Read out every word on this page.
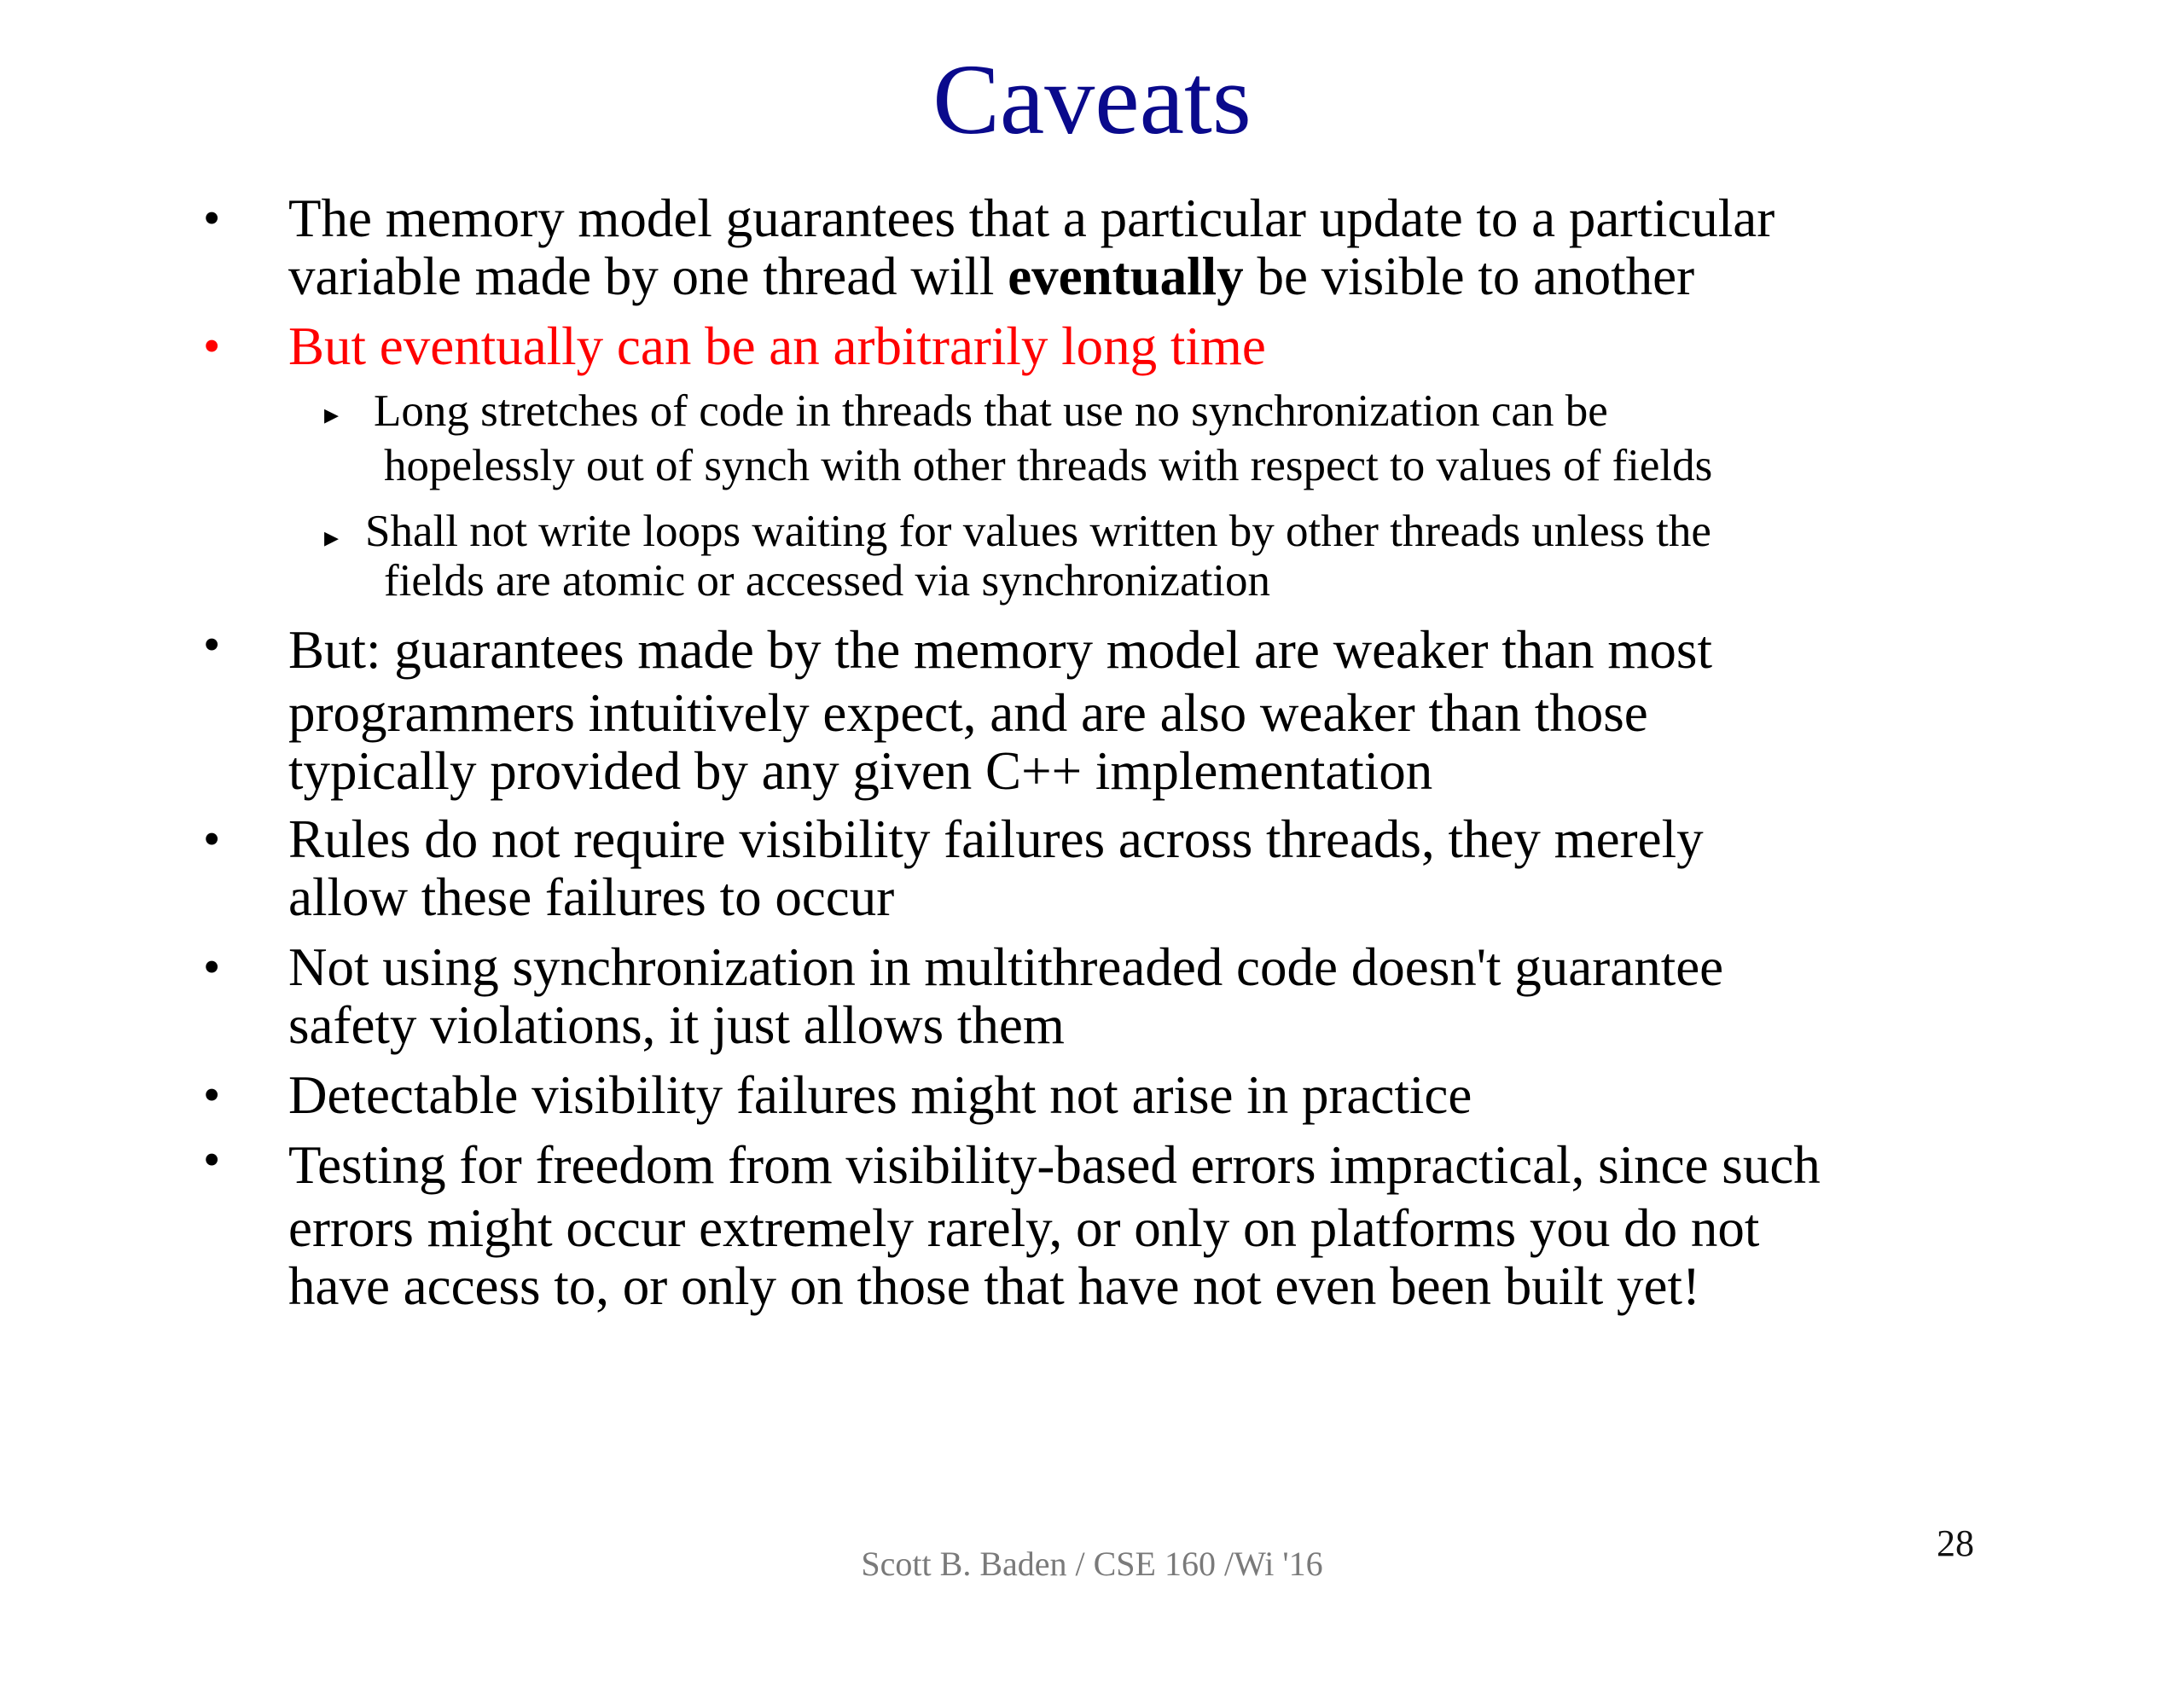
Caveats
• The memory model guarantees that a particular update to a particular
variable made by one thread will eventually be visible to another
• But eventually can be an arbitrarily long time
▸ Long stretches of code in threads that use no synchronization can be
hopelessly out of synch with other threads with respect to values of fields
▸ Shall not write loops waiting for values written by other threads unless the
fields are atomic or accessed via synchronization
• But: guarantees made by the memory model are weaker than most
programmers intuitively expect, and are also weaker than those
typically provided by any given C++ implementation
• Rules do not require visibility failures across threads, they merely
allow these failures to occur
• Not using synchronization in multithreaded code doesn't guarantee
safety violations, it just allows them
• Detectable visibility failures might not arise in practice
• Testing for freedom from visibility-based errors impractical, since such
errors might occur extremely rarely, or only on platforms you do not
have access to, or only on those that have not even been built yet!
Scott B. Baden / CSE 160 /Wi '16	28
